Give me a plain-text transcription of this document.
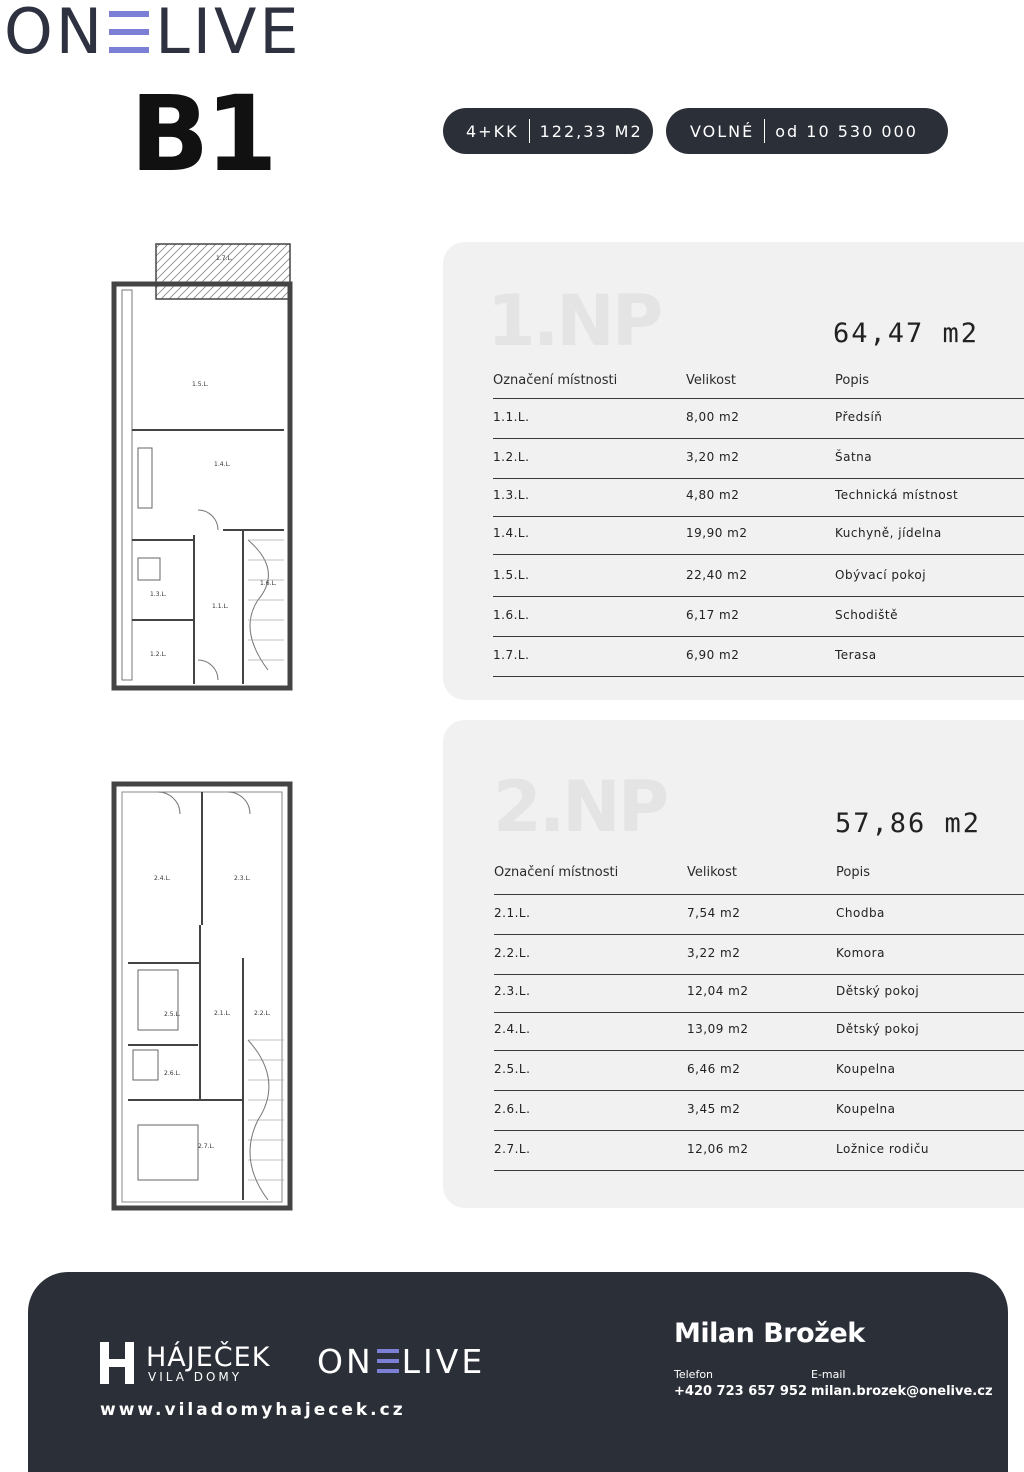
ON LIVE
B1	4+KK 122,33 M2	VOLNÉ od 10 530 000
1.7.L.
1.5.L.
1.4.L.
1.3.L.
1.1.L.
1.6.L.
1.2.L.
2.4.L.	2.3.L.
2.5.L.	2.1.L.	2.2.L.
2.6.L.
2.7.L.
1.NP	64,47 m2
Označení místnosti	Velikost	Popis
1.1.L.	8,00 m2	Předsíň
1.2.L.	3,20 m2	Šatna
1.3.L.	4,80 m2	Technická místnost
1.4.L.	19,90 m2	Kuchyně, jídelna
1.5.L.	22,40 m2	Obývací pokoj
1.6.L.	6,17 m2	Schodiště
1.7.L.	6,90 m2	Terasa
2.NP	57,86 m2
Označení místnosti	Velikost	Popis
2.1.L.	7,54 m2	Chodba
2.2.L.	3,22 m2	Komora
2.3.L.	12,04 m2	Dětský pokoj
2.4.L.	13,09 m2	Dětský pokoj
2.5.L.	6,46 m2	Koupelna
2.6.L.	3,45 m2	Koupelna
2.7.L.	12,06 m2	Ložnice rodiču
HÁJEČEK
VILA DOMY ON LIVE
www.viladomyhajecek.cz
Milan Brožek
Telefon
+420 723 657 952
E-mail
milan.brozek@onelive.cz
